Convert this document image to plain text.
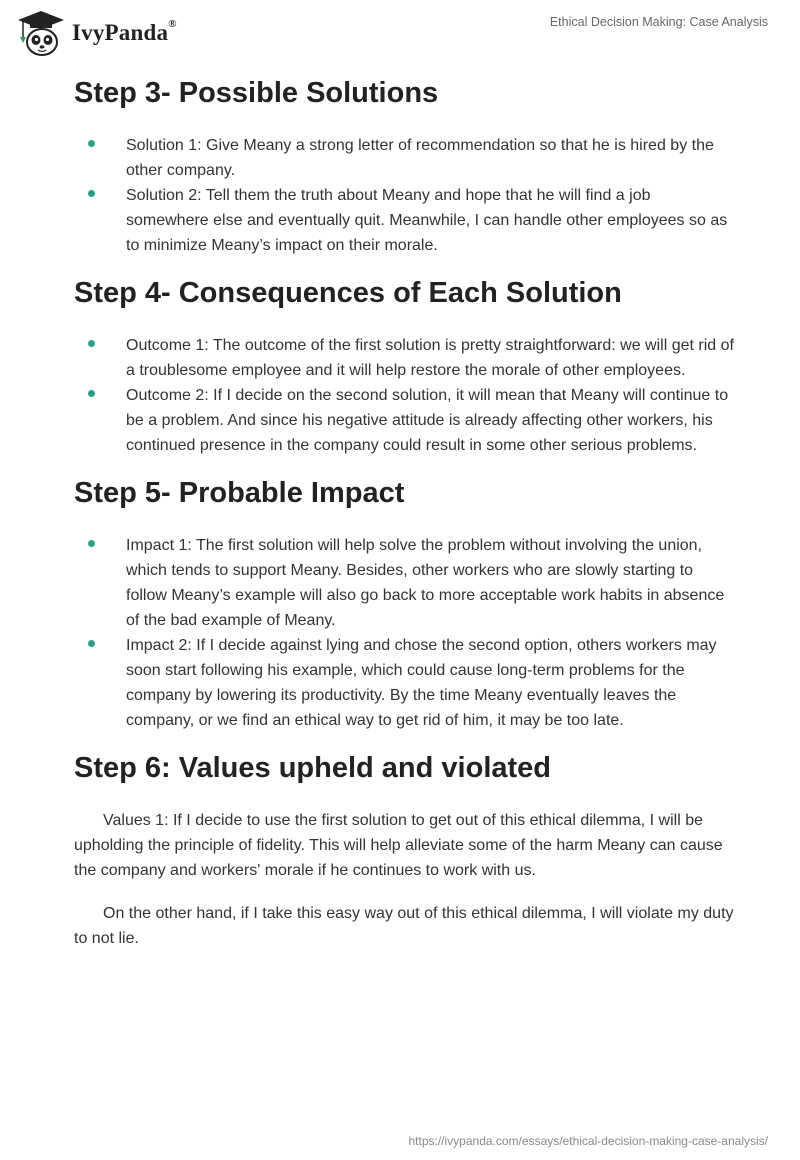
IvyPanda®	Ethical Decision Making: Case Analysis
Step 3- Possible Solutions
Solution 1: Give Meany a strong letter of recommendation so that he is hired by the other company.
Solution 2: Tell them the truth about Meany and hope that he will find a job somewhere else and eventually quit. Meanwhile, I can handle other employees so as to minimize Meany’s impact on their morale.
Step 4- Consequences of Each Solution
Outcome 1: The outcome of the first solution is pretty straightforward: we will get rid of a troublesome employee and it will help restore the morale of other employees.
Outcome 2: If I decide on the second solution, it will mean that Meany will continue to be a problem. And since his negative attitude is already affecting other workers, his continued presence in the company could result in some other serious problems.
Step 5- Probable Impact
Impact 1: The first solution will help solve the problem without involving the union, which tends to support Meany. Besides, other workers who are slowly starting to follow Meany’s example will also go back to more acceptable work habits in absence of the bad example of Meany.
Impact 2: If I decide against lying and chose the second option, others workers may soon start following his example, which could cause long-term problems for the company by lowering its productivity. By the time Meany eventually leaves the company, or we find an ethical way to get rid of him, it may be too late.
Step 6: Values upheld and violated

Values 1: If I decide to use the first solution to get out of this ethical dilemma, I will be upholding the principle of fidelity. This will help alleviate some of the harm Meany can cause the company and workers' morale if he continues to work with us.

On the other hand, if I take this easy way out of this ethical dilemma, I will violate my duty to not lie.

https://ivypanda.com/essays/ethical-decision-making-case-analysis/
